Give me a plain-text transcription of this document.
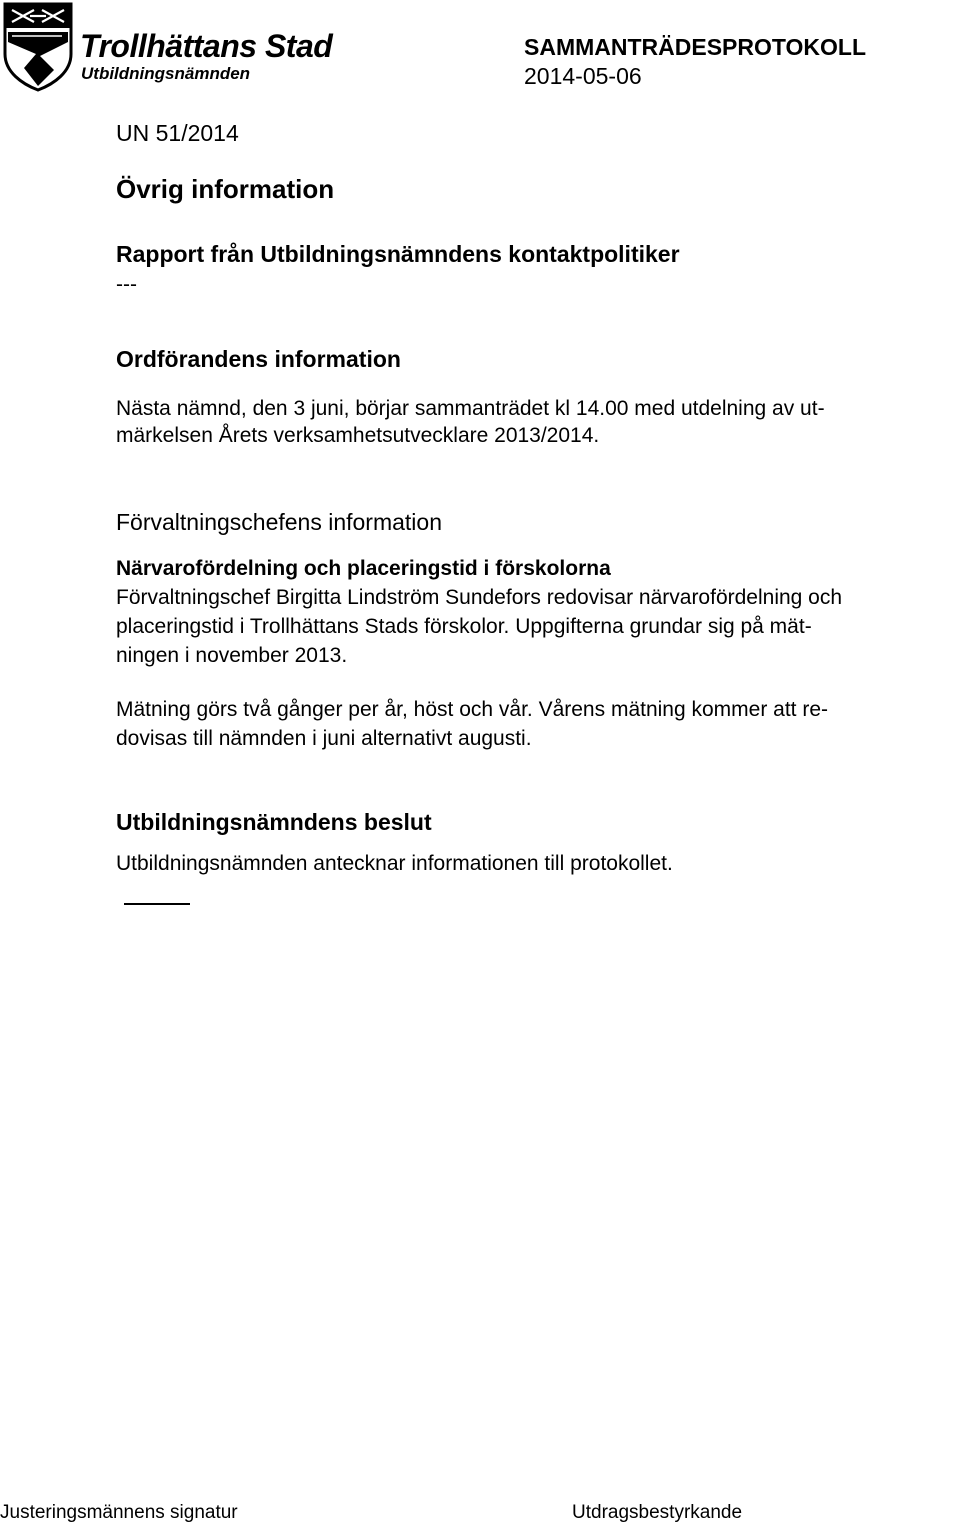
Trollhättans Stad
Utbildningsnämnden
SAMMANTRÄDESPROTOKOLL
2014-05-06
UN 51/2014
Övrig information
Rapport från Utbildningsnämndens kontaktpolitiker
---
Ordförandens information
Nästa nämnd, den 3 juni, börjar sammanträdet kl 14.00 med utdelning av ut-
märkelsen Årets verksamhetsutvecklare 2013/2014.
Förvaltningschefens information
Närvarofördelning och placeringstid i förskolorna
Förvaltningschef Birgitta Lindström Sundefors redovisar närvarofördelning och
placeringstid i Trollhättans Stads förskolor. Uppgifterna grundar sig på mät-
ningen i november 2013.
Mätning görs två gånger per år, höst och vår. Vårens mätning kommer att re-
dovisas till nämnden i juni alternativt augusti.
Utbildningsnämndens beslut
Utbildningsnämnden antecknar informationen till protokollet.
Justeringsmännens signatur	Utdragsbestyrkande
